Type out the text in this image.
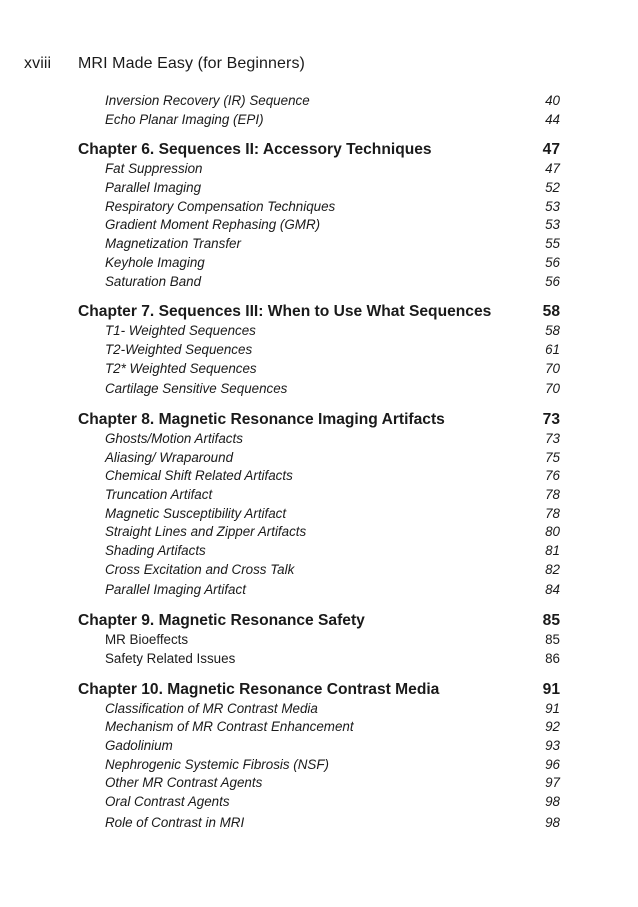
xviii MRI Made Easy (for Beginners)
Inversion Recovery (IR) Sequence	40
Echo Planar Imaging (EPI)	44
Chapter 6. Sequences II: Accessory Techniques	47
Fat Suppression	47
Parallel Imaging	52
Respiratory Compensation Techniques	53
Gradient Moment Rephasing (GMR)	53
Magnetization Transfer	55
Keyhole Imaging	56
Saturation Band	56
Chapter 7. Sequences III: When to Use What Sequences	58
T1- Weighted Sequences	58
T2-Weighted Sequences	61
T2* Weighted Sequences	70
Cartilage Sensitive Sequences	70
Chapter 8. Magnetic Resonance Imaging Artifacts	73
Ghosts/Motion Artifacts	73
Aliasing/ Wraparound	75
Chemical Shift Related Artifacts	76
Truncation Artifact	78
Magnetic Susceptibility Artifact	78
Straight Lines and Zipper Artifacts	80
Shading Artifacts	81
Cross Excitation and Cross Talk	82
Parallel Imaging Artifact	84
Chapter 9. Magnetic Resonance Safety	85
MR Bioeffects	85
Safety Related Issues	86
Chapter 10. Magnetic Resonance Contrast Media	91
Classification of MR Contrast Media	91
Mechanism of MR Contrast Enhancement	92
Gadolinium	93
Nephrogenic Systemic Fibrosis (NSF)	96
Other MR Contrast Agents	97
Oral Contrast Agents	98
Role of Contrast in MRI	98
